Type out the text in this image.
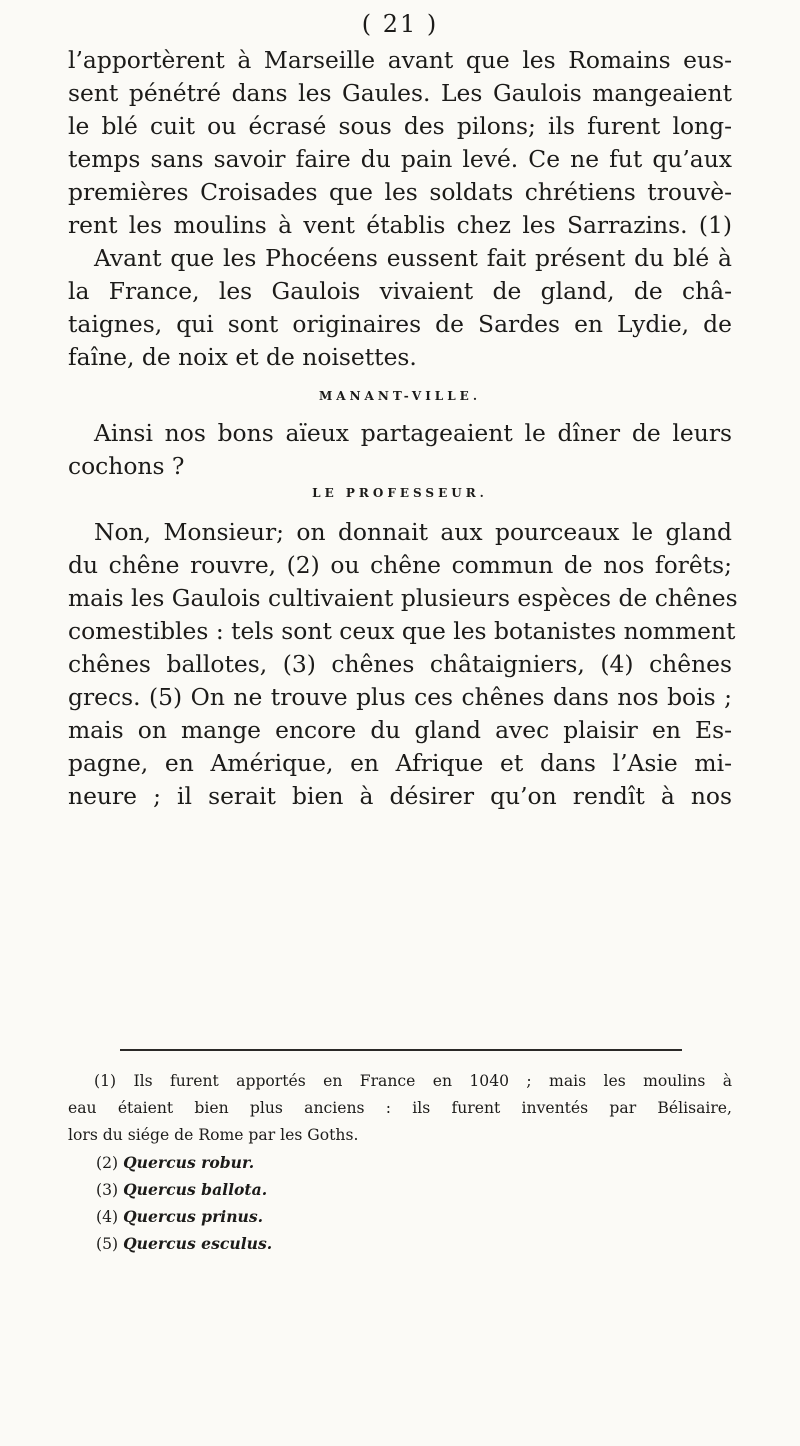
( 21 )
l’apportèrent à Marseille avant que les Romains eus-
sent pénétré dans les Gaules. Les Gaulois mangeaient
le blé cuit ou écrasé sous des pilons; ils furent long-
temps sans savoir faire du pain levé. Ce ne fut qu’aux
premières Croisades que les soldats chrétiens trouvè-
rent les moulins à vent établis chez les Sarrazins. (1)
Avant que les Phocéens eussent fait présent du blé à
la France, les Gaulois vivaient de gland, de châ-
taignes, qui sont originaires de Sardes en Lydie, de
faîne, de noix et de noisettes.
MANANT-VILLE.
Ainsi nos bons aïeux partageaient le dîner de leurs
cochons ?
LE PROFESSEUR.
Non, Monsieur; on donnait aux pourceaux le gland
du chêne rouvre, (2) ou chêne commun de nos forêts;
mais les Gaulois cultivaient plusieurs espèces de chênes
comestibles : tels sont ceux que les botanistes nomment
chênes ballotes, (3) chênes châtaigniers, (4) chênes
grecs. (5) On ne trouve plus ces chênes dans nos bois ;
mais on mange encore du gland avec plaisir en Es-
pagne, en Amérique, en Afrique et dans l’Asie mi-
neure ; il serait bien à désirer qu’on rendît à nos
(1) Ils furent apportés en France en 1040 ; mais les moulins à
eau étaient bien plus anciens : ils furent inventés par Bélisaire,
lors du siége de Rome par les Goths.
(2) Quercus robur.
(3) Quercus ballota.
(4) Quercus prinus.
(5) Quercus esculus.
